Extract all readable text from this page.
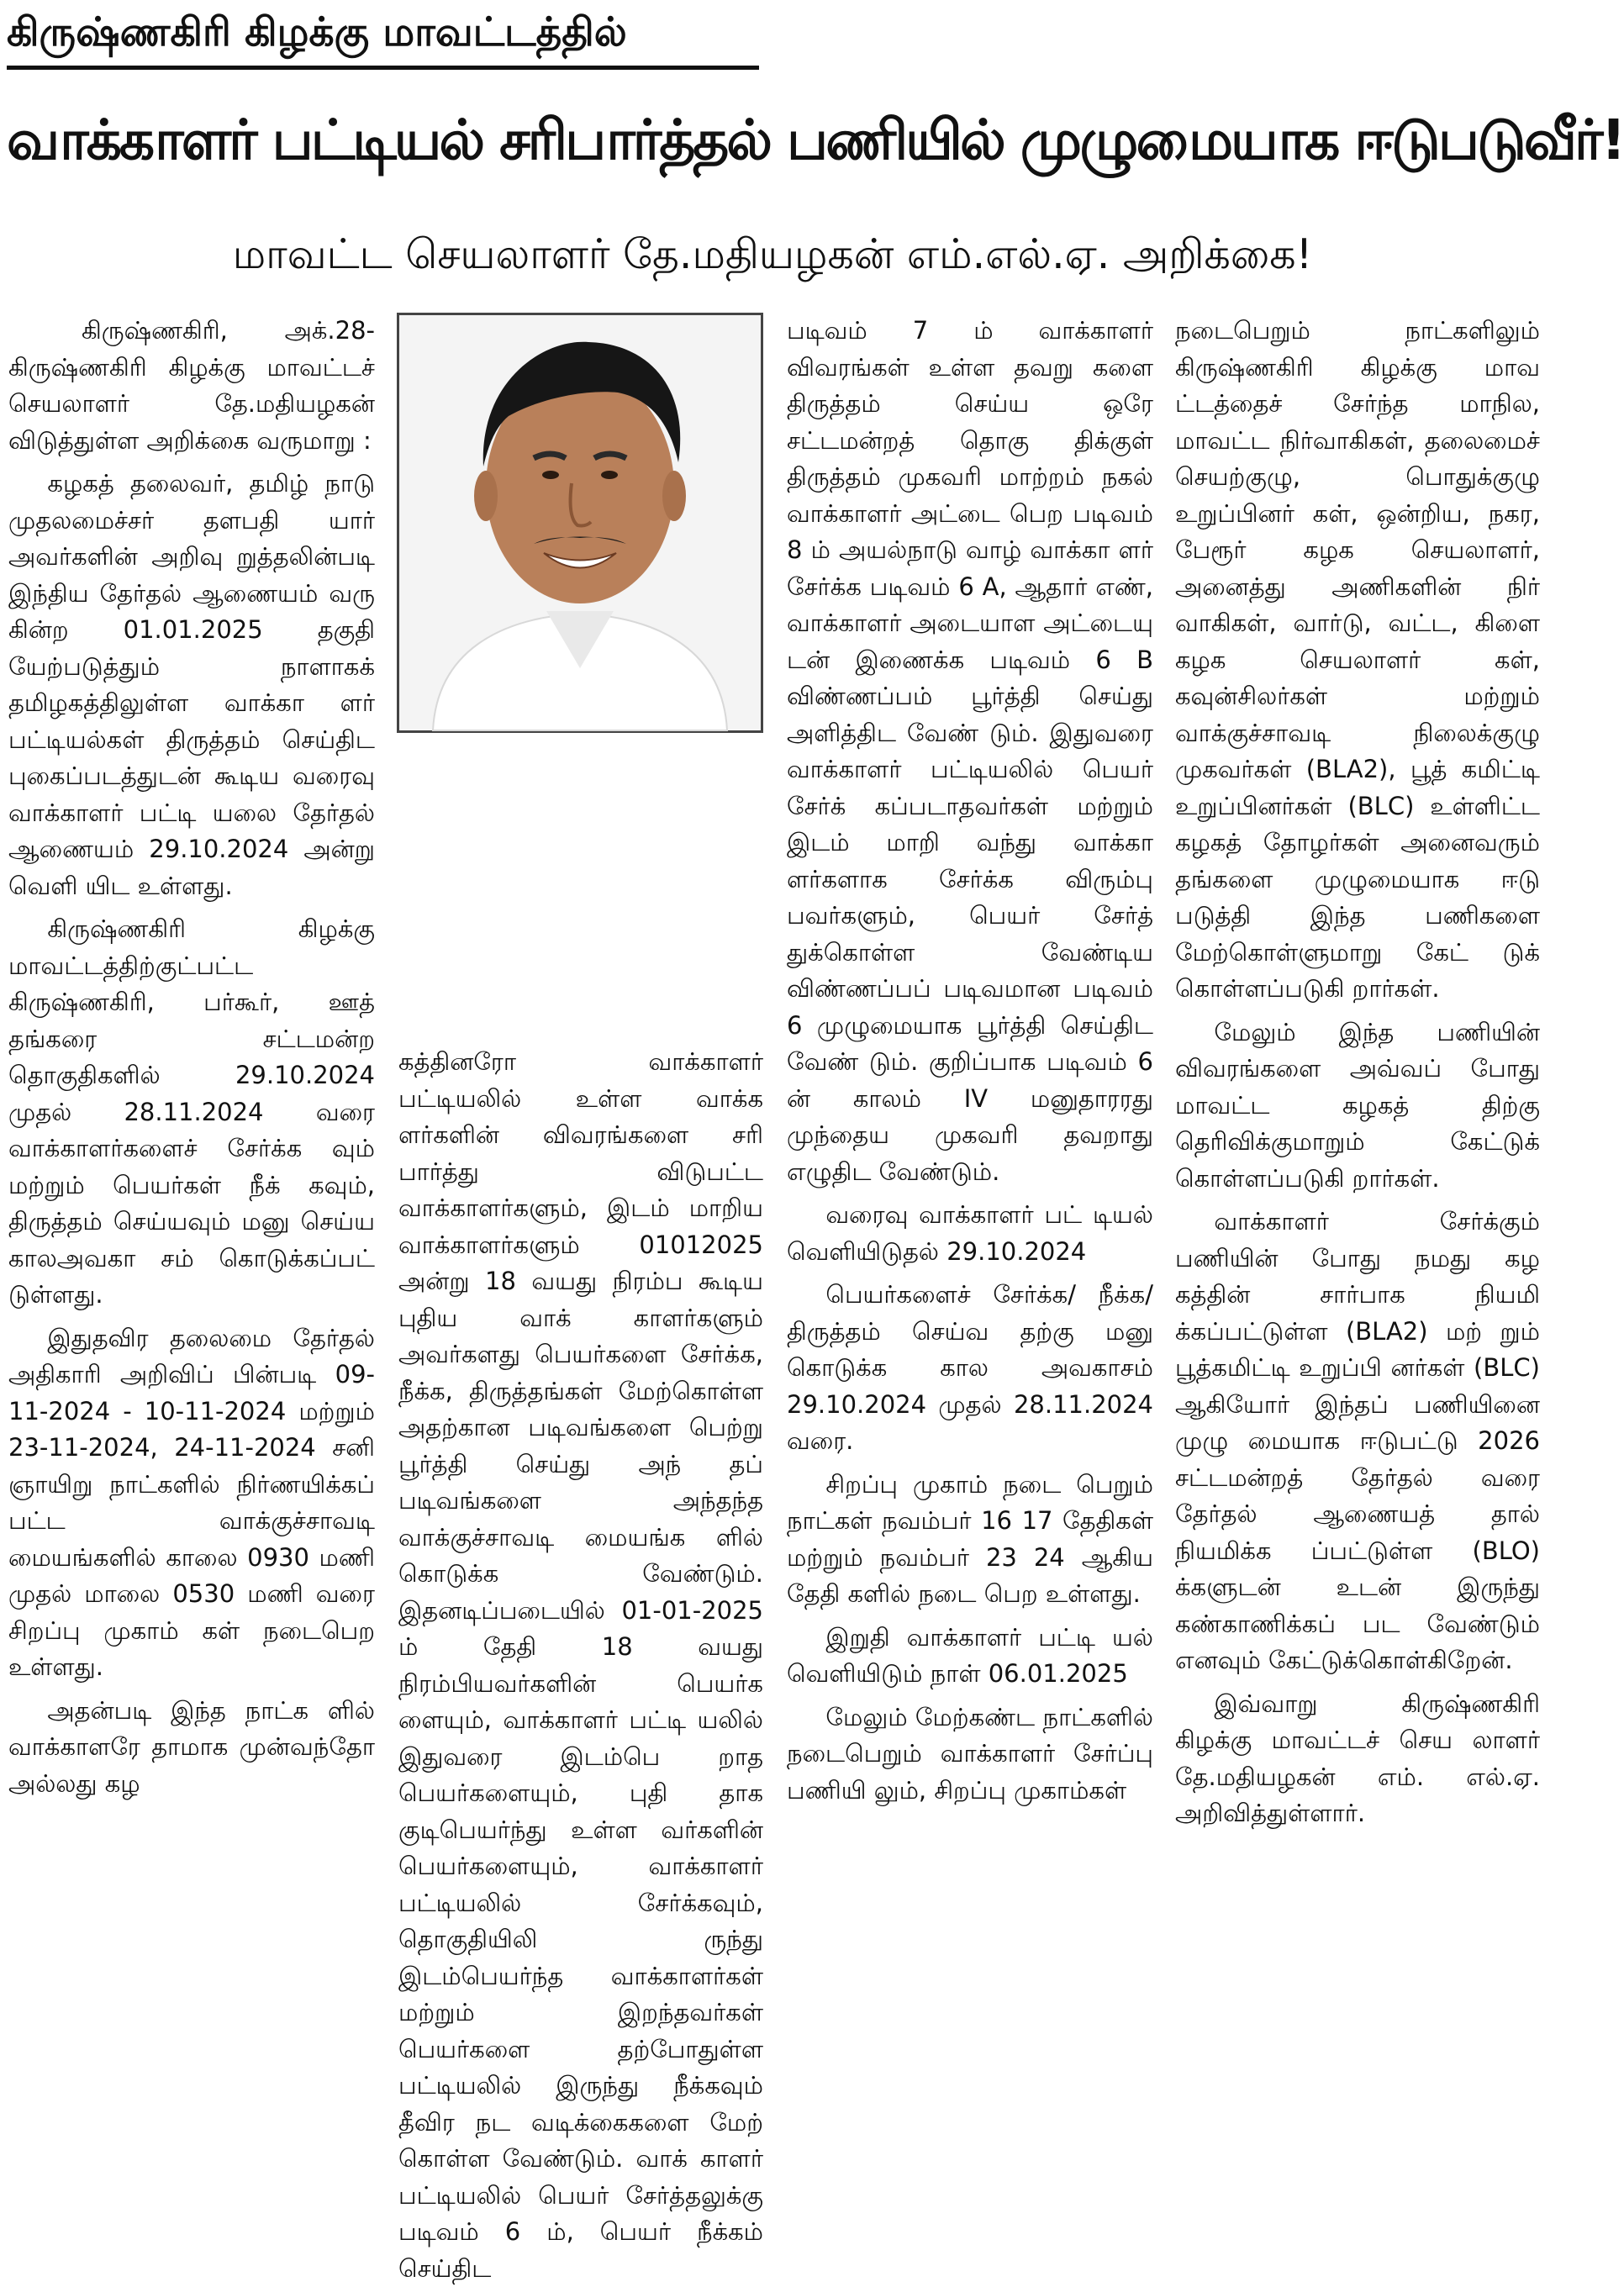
கிருஷ்ணகிரி கிழக்கு மாவட்டத்தில்
வாக்காளர் பட்டியல் சரிபார்த்தல் பணியில் முழுமையாக ஈடுபடுவீர்!
மாவட்ட செயலாளர் தே.மதியழகன் எம்.எல்.ஏ. அறிக்கை!

கிருஷ்ணகிரி, அக்.28- கிருஷ்ணகிரி கிழக்கு மாவட்டச் செயலாளர் தே.மதியழகன் விடுத்துள்ள அறிக்கை வருமாறு :

கழகத் தலைவர், தமிழ் நாடு முதலமைச்சர் தளபதி யார் அவர்களின் அறிவு றுத்தலின்படி இந்திய தேர்தல் ஆணையம் வரு கின்ற 01.01.2025 தகுதி யேற்படுத்தும் நாளாகக் தமிழகத்திலுள்ள வாக்கா ளர் பட்டியல்கள் திருத்தம் செய்திட புகைப்படத்துடன் கூடிய வரைவு வாக்காளர் பட்டி யலை தேர்தல் ஆணையம் 29.10.2024 அன்று வெளி யிட உள்ளது.

கிருஷ்ணகிரி கிழக்கு மாவட்டத்திற்குட்பட்ட கிருஷ்ணகிரி, பர்கூர், ஊத் தங்கரை சட்டமன்ற தொகுதிகளில் 29.10.2024 முதல் 28.11.2024 வரை வாக்காளர்களைச் சேர்க்க வும் மற்றும் பெயர்கள் நீக் கவும், திருத்தம் செய்யவும் மனு செய்ய காலஅவகா சம் கொடுக்கப்பட் டுள்ளது.

இதுதவிர தலைமை தேர்தல் அதிகாரி அறிவிப் பின்படி 09-11-2024 - 10-11-2024 மற்றும் 23-11-2024, 24-11-2024 சனி ஞாயிறு நாட்களில் நிர்ணயிக்கப் பட்ட வாக்குச்சாவடி மையங்களில் காலை 0930 மணி முதல் மாலை 0530 மணி வரை சிறப்பு முகாம் கள் நடைபெற உள்ளது.

அதன்படி இந்த நாட்க ளில் வாக்காளரே தாமாக முன்வந்தோ அல்லது கழ

கத்தினரோ வாக்காளர் பட்டியலில் உள்ள வாக்க ளர்களின் விவரங்களை சரி பார்த்து விடுபட்ட வாக்காளர்களும், இடம் மாறிய வாக்காளர்களும் 01012025 அன்று 18 வயது நிரம்ப கூடிய புதிய வாக் காளர்களும் அவர்களது பெயர்களை சேர்க்க, நீக்க, திருத்தங்கள் மேற்கொள்ள அதற்கான படிவங்களை பெற்று பூர்த்தி செய்து அந் தப் படிவங்களை அந்தந்த வாக்குச்சாவடி மையங்க ளில் கொடுக்க வேண்டும். இதனடிப்படையில் 01-01-2025 ம் தேதி 18 வயது நிரம்பியவர்களின் பெயர்க ளையும், வாக்காளர் பட்டி யலில் இதுவரை இடம்பெ றாத பெயர்களையும், புதி தாக குடிபெயர்ந்து உள்ள வர்களின் பெயர்களையும், வாக்காளர் பட்டியலில் சேர்க்கவும், தொகுதியிலி ருந்து இடம்பெயர்ந்த வாக்காளர்கள் மற்றும் இறந்தவர்கள் பெயர்களை தற்போதுள்ள பட்டியலில் இருந்து நீக்கவும் தீவிர நட வடிக்கைகளை மேற் கொள்ள வேண்டும். வாக் காளர் பட்டியலில் பெயர் சேர்த்தலுக்கு படிவம் 6 ம், பெயர் நீக்கம் செய்திட

படிவம் 7 ம் வாக்காளர் விவரங்கள் உள்ள தவறு களை திருத்தம் செய்ய ஒரே சட்டமன்றத் தொகு திக்குள் திருத்தம் முகவரி மாற்றம் நகல் வாக்காளர் அட்டை பெற படிவம் 8 ம் அயல்நாடு வாழ் வாக்கா ளர் சேர்க்க படிவம் 6 A, ஆதார் எண், வாக்காளர் அடையாள அட்டையு டன் இணைக்க படிவம் 6 B விண்ணப்பம் பூர்த்தி செய்து அளித்திட வேண் டும். இதுவரை வாக்காளர் பட்டியலில் பெயர் சேர்க் கப்படாதவர்கள் மற்றும் இடம் மாறி வந்து வாக்கா ளர்களாக சேர்க்க விரும்பு பவர்களும், பெயர் சேர்த் துக்கொள்ள வேண்டிய விண்ணப்பப் படிவமான படிவம் 6 முழுமையாக பூர்த்தி செய்திட வேண் டும். குறிப்பாக படிவம் 6 ன் காலம் IV மனுதாரரது முந்தைய முகவரி தவறாது எழுதிட வேண்டும்.

வரைவு வாக்காளர் பட் டியல் வெளியிடுதல் 29.10.2024

பெயர்களைச் சேர்க்க/ நீக்க/ திருத்தம் செய்வ தற்கு மனு கொடுக்க கால அவகாசம் 29.10.2024 முதல் 28.11.2024 வரை.

சிறப்பு முகாம் நடை பெறும் நாட்கள் நவம்பர் 16 17 தேதிகள் மற்றும் நவம்பர் 23 24 ஆகிய தேதி களில் நடை பெற உள்ளது.

இறுதி வாக்காளர் பட்டி யல் வெளியிடும் நாள் 06.01.2025

மேலும் மேற்கண்ட நாட்களில் நடைபெறும் வாக்காளர் சேர்ப்பு பணியி லும், சிறப்பு முகாம்கள்

நடைபெறும் நாட்களிலும் கிருஷ்ணகிரி கிழக்கு மாவ ட்டத்தைச் சேர்ந்த மாநில, மாவட்ட நிர்வாகிகள், தலைமைச் செயற்குழு, பொதுக்குழு உறுப்பினர் கள், ஒன்றிய, நகர, பேரூர் கழக செயலாளர், அனைத்து அணிகளின் நிர் வாகிகள், வார்டு, வட்ட, கிளை கழக செயலாளர் கள், கவுன்சிலர்கள் மற்றும் வாக்குச்சாவடி நிலைக்குழு முகவர்கள் (BLA2), பூத் கமிட்டி உறுப்பினர்கள் (BLC) உள்ளிட்ட கழகத் தோழர்கள் அனைவரும் தங்களை முழுமையாக ஈடு படுத்தி இந்த பணிகளை மேற்கொள்ளுமாறு கேட் டுக் கொள்ளப்படுகி றார்கள்.

மேலும் இந்த பணியின் விவரங்களை அவ்வப் போது மாவட்ட கழகத் திற்கு தெரிவிக்குமாறும் கேட்டுக் கொள்ளப்படுகி றார்கள்.

வாக்காளர் சேர்க்கும் பணியின் போது நமது கழ கத்தின் சார்பாக நியமி க்கப்பட்டுள்ள (BLA2) மற் றும் பூத்கமிட்டி உறுப்பி னர்கள் (BLC) ஆகியோர் இந்தப் பணியினை முழு மையாக ஈடுபட்டு 2026 சட்டமன்றத் தேர்தல் வரை தேர்தல் ஆணையத் தால் நியமிக்க ப்பட்டுள்ள (BLO) க்களுடன் உடன் இருந்து கண்காணிக்கப் பட வேண்டும் எனவும் கேட்டுக்கொள்கிறேன்.

இவ்வாறு கிருஷ்ணகிரி கிழக்கு மாவட்டச் செய லாளர் தே.மதியழகன் எம். எல்.ஏ. அறிவித்துள்ளார்.
